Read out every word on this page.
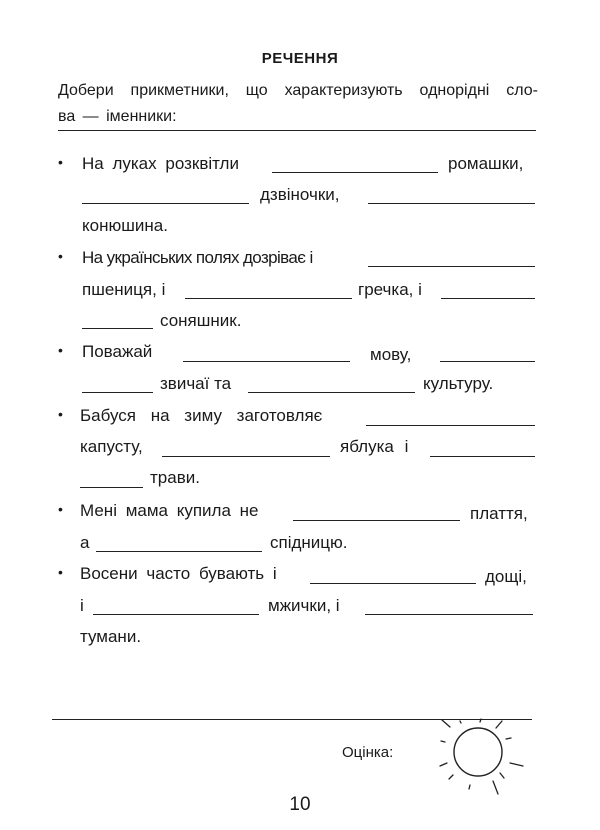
РЕЧЕННЯ
Добери прикметники, що характеризують однорідні сло-
ва — іменники:
• На луках розквітли	ромашки,
дзвіночки,
конюшина.
• На українських полях дозріває і
пшениця, і	гречка, і
соняшник.
• Поважай	мову,
звичаї та	культуру.
• Бабуся на зиму заготовляє
капусту,	яблука і
трави.
• Мені мама купила не	плаття,
а	спідницю.
• Восени часто бувають і	дощі,
і	мжички, і
тумани.
Оцінка:
10
